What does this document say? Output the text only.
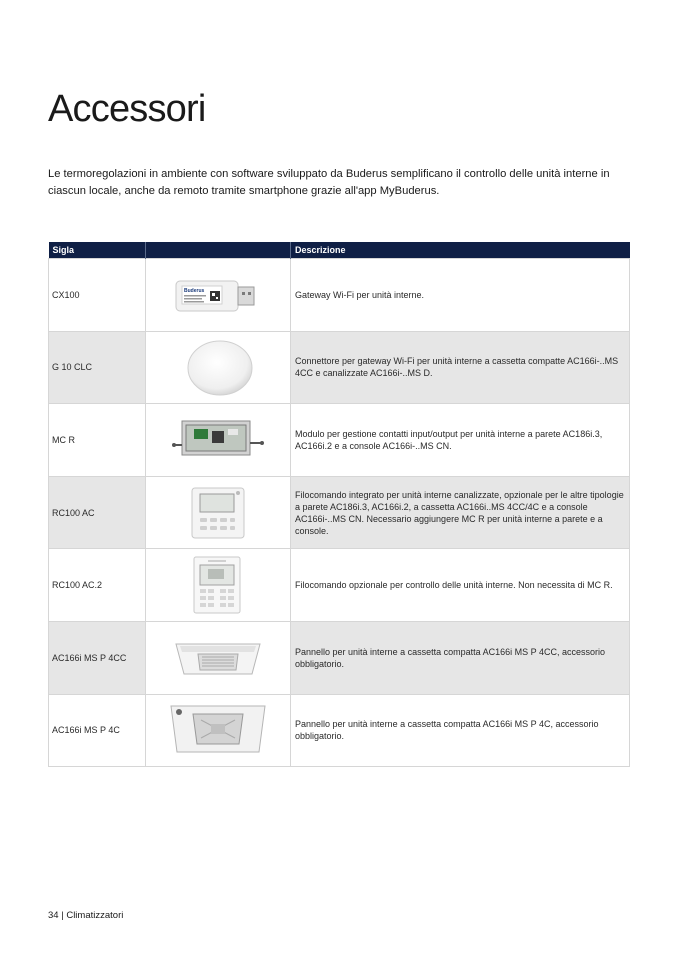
Accessori

Le termoregolazioni in ambiente con software sviluppato da Buderus semplificano il controllo delle unità interne in ciascun locale, anche da remoto tramite smartphone grazie all'app MyBuderus.

Sigla		Descrizione
CX100	Buderus	Gateway Wi-Fi per unità interne.
G 10 CLC		Connettore per gateway Wi-Fi per unità interne a cassetta compatte AC166i-..MS 4CC e canalizzate AC166i-..MS D.
MC R		Modulo per gestione contatti input/output per unità interne a parete AC186i.3, AC166i.2 e a console AC166i-..MS CN.
RC100 AC		Filocomando integrato per unità interne canalizzate, opzionale per le altre tipologie a parete AC186i.3, AC166i.2, a cassetta AC166i..MS 4CC/4C e a console AC166i-..MS CN. Necessario aggiungere MC R per unità interne a parete e a console.
RC100 AC.2		Filocomando opzionale per controllo delle unità interne. Non necessita di MC R.
AC166i MS P 4CC		Pannello per unità interne a cassetta compatta AC166i MS P 4CC, accessorio obbligatorio.
AC166i MS P 4C		Pannello per unità interne a cassetta compatta AC166i MS P 4C, accessorio obbligatorio.
34 | Climatizzatori
